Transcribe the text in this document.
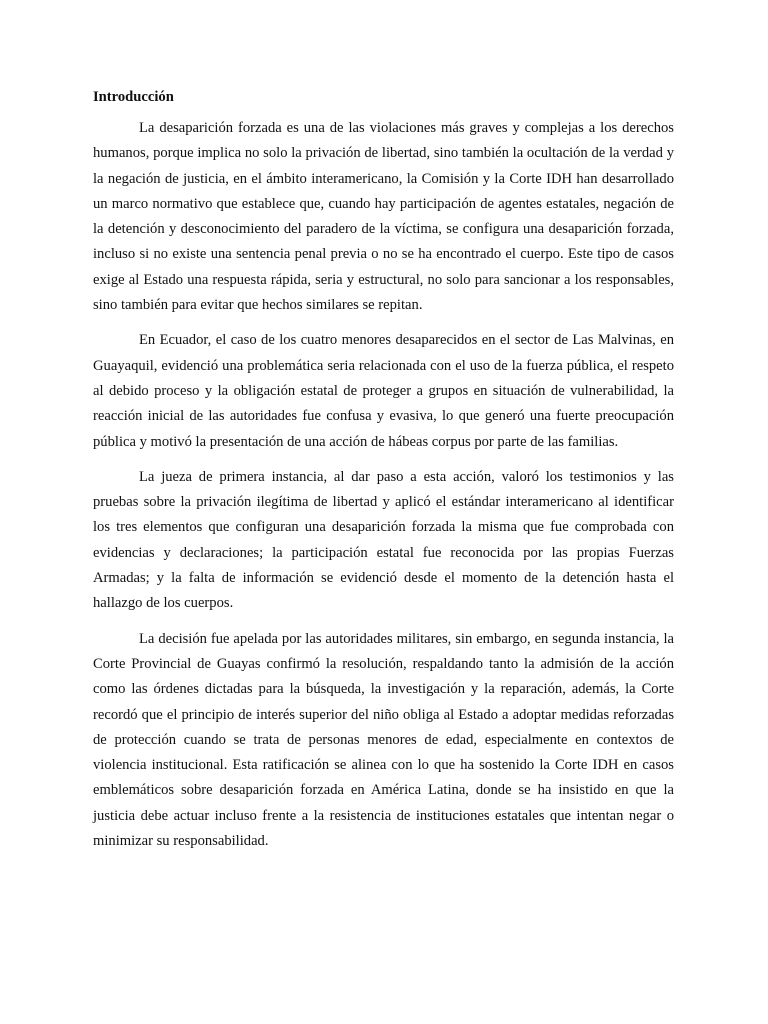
Introducción

La desaparición forzada es una de las violaciones más graves y complejas a los derechos humanos, porque implica no solo la privación de libertad, sino también la ocultación de la verdad y la negación de justicia, en el ámbito interamericano, la Comisión y la Corte IDH han desarrollado un marco normativo que establece que, cuando hay participación de agentes estatales, negación de la detención y desconocimiento del paradero de la víctima, se configura una desaparición forzada, incluso si no existe una sentencia penal previa o no se ha encontrado el cuerpo. Este tipo de casos exige al Estado una respuesta rápida, seria y estructural, no solo para sancionar a los responsables, sino también para evitar que hechos similares se repitan.

En Ecuador, el caso de los cuatro menores desaparecidos en el sector de Las Malvinas, en Guayaquil, evidenció una problemática seria relacionada con el uso de la fuerza pública, el respeto al debido proceso y la obligación estatal de proteger a grupos en situación de vulnerabilidad, la reacción inicial de las autoridades fue confusa y evasiva, lo que generó una fuerte preocupación pública y motivó la presentación de una acción de hábeas corpus por parte de las familias.

La jueza de primera instancia, al dar paso a esta acción, valoró los testimonios y las pruebas sobre la privación ilegítima de libertad y aplicó el estándar interamericano al identificar los tres elementos que configuran una desaparición forzada la misma que fue comprobada con evidencias y declaraciones; la participación estatal fue reconocida por las propias Fuerzas Armadas; y la falta de información se evidenció desde el momento de la detención hasta el hallazgo de los cuerpos.

La decisión fue apelada por las autoridades militares, sin embargo, en segunda instancia, la Corte Provincial de Guayas confirmó la resolución, respaldando tanto la admisión de la acción como las órdenes dictadas para la búsqueda, la investigación y la reparación, además, la Corte recordó que el principio de interés superior del niño obliga al Estado a adoptar medidas reforzadas de protección cuando se trata de personas menores de edad, especialmente en contextos de violencia institucional. Esta ratificación se alinea con lo que ha sostenido la Corte IDH en casos emblemáticos sobre desaparición forzada en América Latina, donde se ha insistido en que la justicia debe actuar incluso frente a la resistencia de instituciones estatales que intentan negar o minimizar su responsabilidad.
